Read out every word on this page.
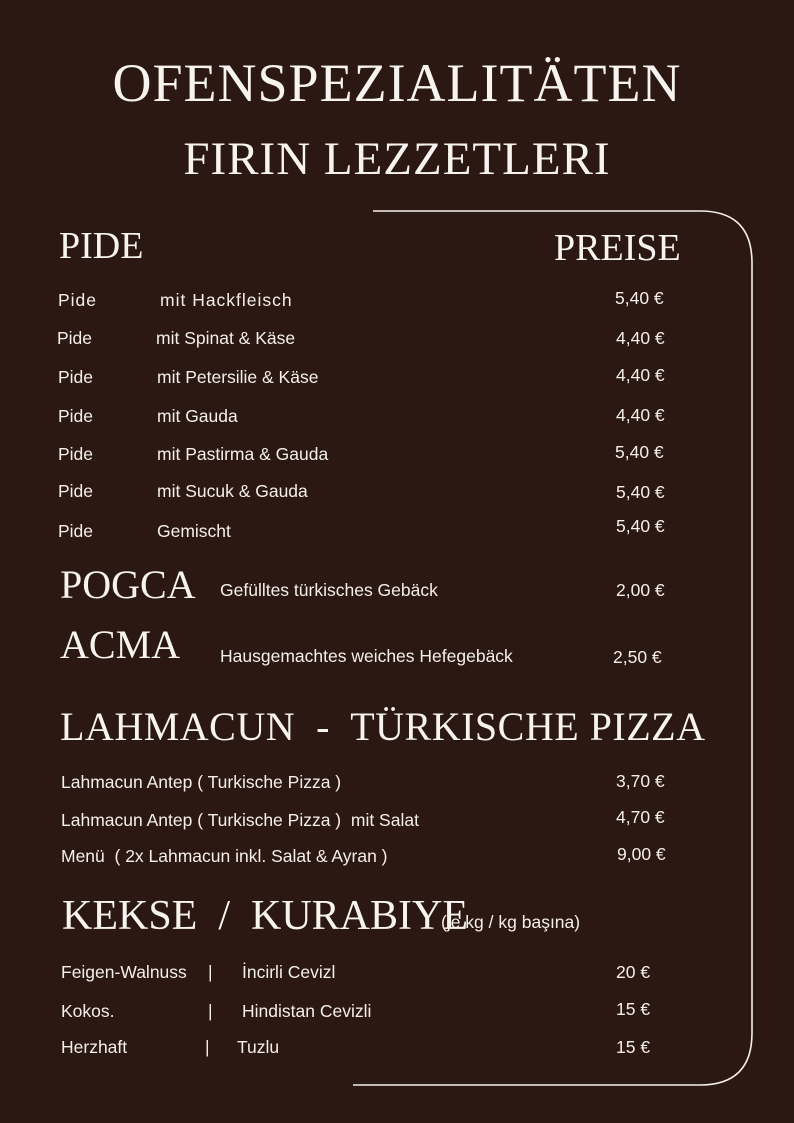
OFENSPEZIALITÄTEN
FIRIN LEZZETLERI
PIDE	PREISE
Pide	mit Hackfleisch	5,40 €
Pide	mit Spinat & Käse	4,40 €
Pide	mit Petersilie & Käse	4,40 €
Pide	mit Gauda	4,40 €
Pide	mit Pastirma & Gauda	5,40 €
Pide	mit Sucuk & Gauda	5,40 €
Pide	Gemischt	5,40 €
POGCA Gefülltes türkisches Gebäck	2,00 €
ACMA Hausgemachtes weiches Hefegebäck	2,50 €
LAHMACUN  -  TÜRKISCHE PIZZA
Lahmacun Antep ( Turkische Pizza )	3,70 €
Lahmacun Antep ( Turkische Pizza )  mit Salat	4,70 €
Menü  ( 2x Lahmacun inkl. Salat & Ayran )	9,00 €
KEKSE  /  KURABIYE
(je kg / kg başına)
Feigen-Walnuss | İncirli Cevizl	20 €
Kokos.	| Hindistan Cevizli	15 €
Herzhaft	| Tuzlu	15 €
